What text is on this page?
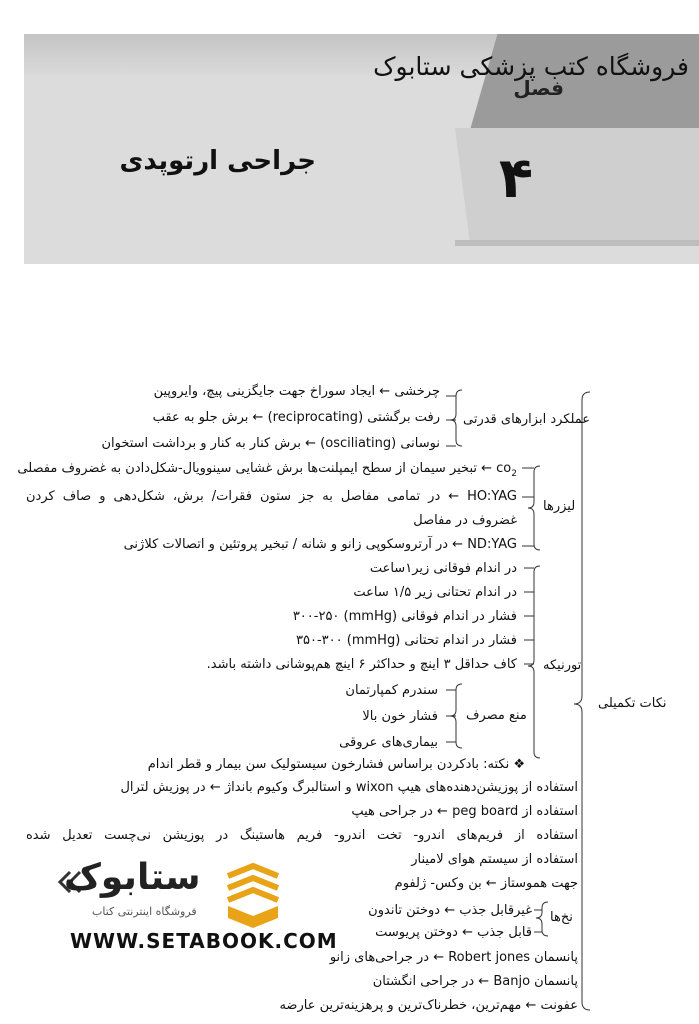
فروشگاه کتب پزشکی ستابوک
فصل
۴
جراحی ارتوپدی
نکات تکمیلی
عملکرد ابزارهای قدرتی
چرخشی ← ایجاد سوراخ جهت جایگزینی پیچ، وایروپین
رفت برگشتی (reciprocating) ← برش جلو به عقب
نوسانی (osciliating) ← برش کنار به کنار و برداشت استخوان
لیزرها
$co_2$ ← تبخیر سیمان از سطح ایمپلنت‌ها برش غشایی سینوویال-شکل‌دادن به غضروف مفصلی
HO:YAG ← در تمامی مفاصل به جز ستون فقرات/ برش، شکل‌دهی و صاف کردن
غضروف در مفاصل
ND:YAG ← در آرتروسکوپی زانو و شانه / تبخیر پروتئین و اتصالات کلاژنی
تورنیکه
در اندام فوقانی زیر۱ساعت
در اندام تحتانی زیر ۱/۵ ساعت
فشار در اندام فوقانی (mmHg) ۳۰۰-۲۵۰
فشار در اندام تحتانی (mmHg) ۳۵۰-۳۰۰
کاف حداقل ۳ اینچ و حداکثر ۶ اینچ هم‌پوشانی داشته باشد.
منع مصرف
سندرم کمپارتمان
فشار خون بالا
بیماری‌های عروقی
❖ نکته: بادکردن براساس فشارخون سیستولیک سن بیمار و قطر اندام
استفاده از پوزیشن‌دهنده‌های هیپ wixon و استالبرگ وکیوم بانداژ ← در پوزیش لترال
استفاده از peg board ← در جراحی هیپ
استفاده از فریم‌های اندرو- تخت اندرو- فریم هاستینگ در پوزیشن نی‌چست تعدیل شده
استفاده از سیستم هوای لامینار
جهت هموستاز ← بن وکس- ژلفوم
نخ‌ها
غیرقابل جذب ← دوختن تاندون
قابل جذب ← دوختن پریوست
پانسمان Robert jones ← در جراحی‌های زانو
پانسمان Banjo ← در جراحی انگشتان
عفونت ← مهم‌ترین، خطرناک‌ترین و پرهزینه‌ترین عارضه
ستابوک
فروشگاه اینترنتی کتاب
WWW.SETABOOK.COM
